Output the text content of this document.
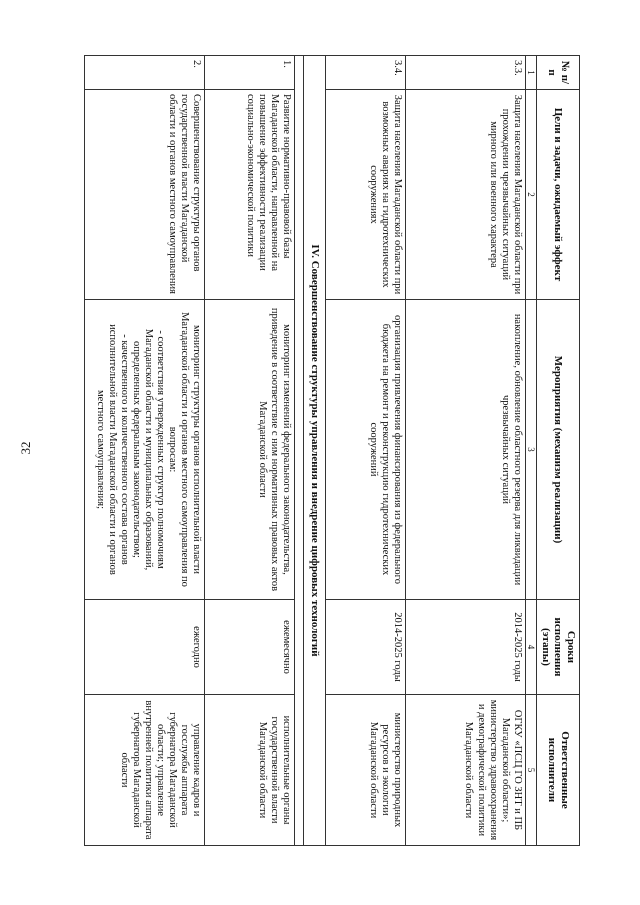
32
№ п/п	Цели и задачи, ожидаемый эффект	Мероприятия (механизм реализации)	Сроки исполнения (этапы)	Ответственные исполнители
1	2	3	4	5
3.3.	Защита населения Магаданской области при прохождении чрезвычайных ситуаций мирного или военного характера	накопление, обновление областного резерва для ликвидации чрезвычайных ситуаций	2014-2025 годы	ОГКУ «ПСЦ ГО ЗНТ и ПБ Магаданской области»; министерство здравоохранения и демографической политики Магаданской области
3.4.	Защита населения Магаданской области при возможных авариях на гидротехнических сооружениях	организация привлечения финансирования из федерального бюджета на ремонт и реконструкцию гидротехнических сооружений	2014-2025 годы	министерство природных ресурсов и экологии Магаданской области
IV. Совершенствование структуры управления и внедрение цифровых технологий				

1.	Развитие нормативно-правовой базы Магаданской области, направленной на повышение эффективности реализации социально-экономической политики	мониторинг изменений федерального законодательства, приведение в соответствие с ним нормативных правовых актов Магаданской области	ежемесячно	исполнительные органы государственной власти Магаданской области
2.	Совершенствование структуры органов государственной власти Магаданской области и органов местного самоуправления	мониторинг структуры органов исполнительной власти Магаданской области и органов местного самоуправления по вопросам:
- соответствия утвержденных структур полномочиям Магаданской области и муниципальных образований, определенных федеральным законодательством;
- качественного и количественного состава органов исполнительной власти Магаданской области и органов местного самоуправления;	ежегодно	управление кадров и госслужбы аппарата губернатора Магаданской области; управление внутренней политики аппарата губернатора Магаданской области
